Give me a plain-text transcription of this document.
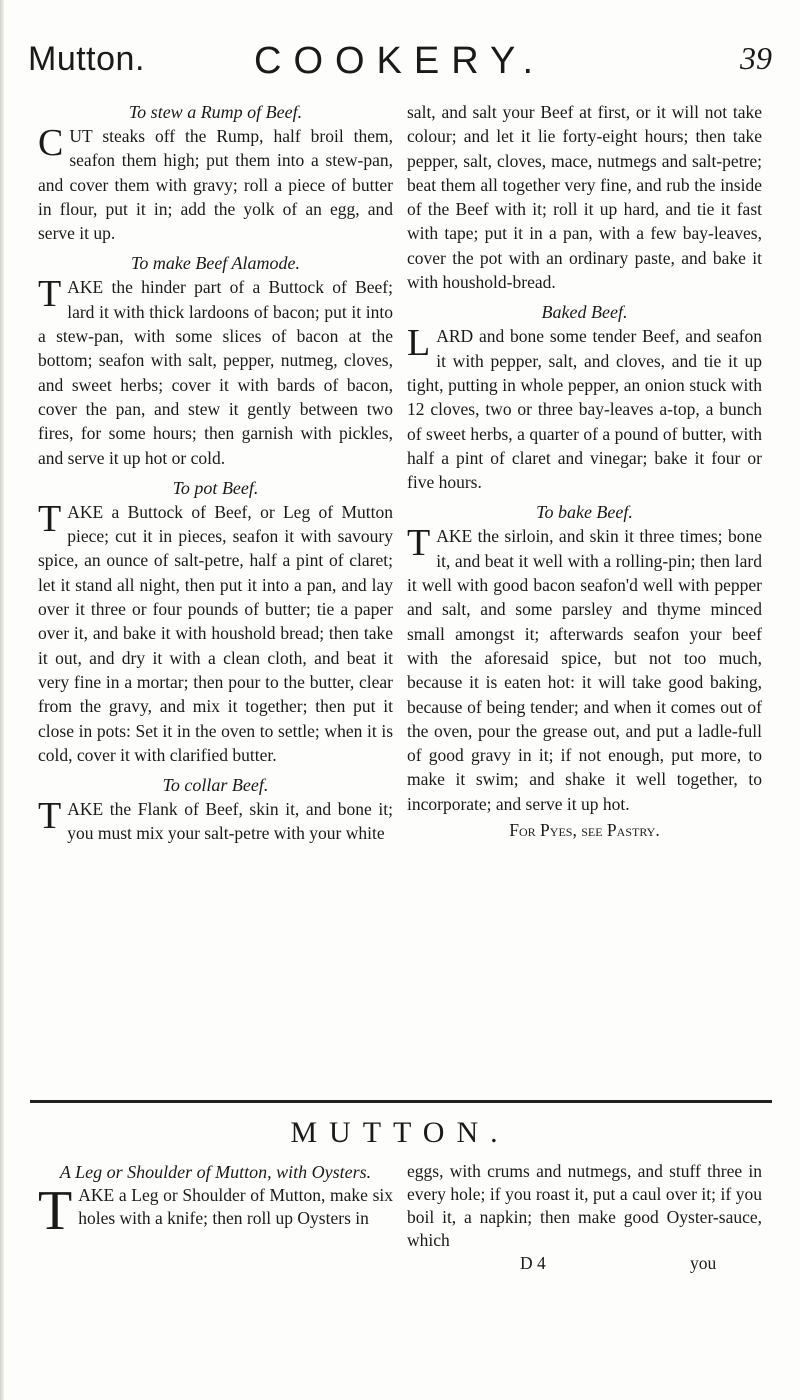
Mutton.	COOKERY.	39

To stew a Rump of Beef.

CUT steaks off the Rump, half broil them, seafon them high; put them into a stew-pan, and cover them with gravy; roll a piece of butter in flour, put it in; add the yolk of an egg, and serve it up.

To make Beef Alamode.

TAKE the hinder part of a Buttock of Beef; lard it with thick lardoons of bacon; put it into a stew-pan, with some slices of bacon at the bottom; seafon with salt, pepper, nutmeg, cloves, and sweet herbs; cover it with bards of bacon, cover the pan, and stew it gently between two fires, for some hours; then garnish with pickles, and serve it up hot or cold.

To pot Beef.

TAKE a Buttock of Beef, or Leg of Mutton piece; cut it in pieces, seafon it with savoury spice, an ounce of salt-petre, half a pint of claret; let it stand all night, then put it into a pan, and lay over it three or four pounds of butter; tie a paper over it, and bake it with houshold bread; then take it out, and dry it with a clean cloth, and beat it very fine in a mortar; then pour to the butter, clear from the gravy, and mix it together; then put it close in pots: Set it in the oven to settle; when it is cold, cover it with clarified butter.

To collar Beef.

TAKE the Flank of Beef, skin it, and bone it; you must mix your salt-petre with your white

salt, and salt your Beef at first, or it will not take colour; and let it lie forty-eight hours; then take pepper, salt, cloves, mace, nutmegs and salt-petre; beat them all together very fine, and rub the inside of the Beef with it; roll it up hard, and tie it fast with tape; put it in a pan, with a few bay-leaves, cover the pot with an ordinary paste, and bake it with houshold-bread.

Baked Beef.

LARD and bone some tender Beef, and seafon it with pepper, salt, and cloves, and tie it up tight, putting in whole pepper, an onion stuck with 12 cloves, two or three bay-leaves a-top, a bunch of sweet herbs, a quarter of a pound of butter, with half a pint of claret and vinegar; bake it four or five hours.

To bake Beef.

TAKE the sirloin, and skin it three times; bone it, and beat it well with a rolling-pin; then lard it well with good bacon seafon'd well with pepper and salt, and some parsley and thyme minced small amongst it; afterwards seafon your beef with the aforesaid spice, but not too much, because it is eaten hot: it will take good baking, because of being tender; and when it comes out of the oven, pour the grease out, and put a ladle-full of good gravy in it; if not enough, put more, to make it swim; and shake it well together, to incorporate; and serve it up hot.

For Pyes, see Pastry.

MUTTON.

A Leg or Shoulder of Mutton, with Oysters.

TAKE a Leg or Shoulder of Mutton, make six holes with a knife; then roll up Oysters in

eggs, with crums and nutmegs, and stuff three in every hole; if you roast it, put a caul over it; if you boil it, a napkin; then make good Oyster-sauce, which

D 4	you
